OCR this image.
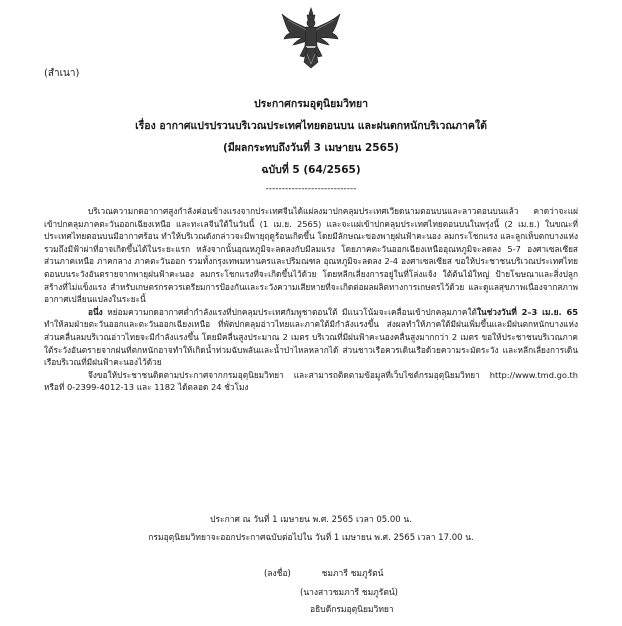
(สำเนา)
ประกาศกรมอุตุนิยมวิทยา
เรื่อง อากาศแปรปรวนบริเวณประเทศไทยตอนบน และฝนตกหนักบริเวณภาคใต้
(มีผลกระทบถึงวันที่ 3 เมษายน 2565)
ฉบับที่ 5 (64/2565)
----------------------------

บริเวณความกดอากาศสูงกำลังค่อนข้างแรงจากประเทศจีนได้แผ่ลงมาปกคลุมประเทศเวียดนามตอนบนและลาวตอนบนแล้ว คาดว่าจะแผ่เข้าปกคลุมภาคตะวันออกเฉียงเหนือ และทะเลจีนใต้ในวันนี้ (1 เม.ย. 2565) และจะแผ่เข้าปกคลุมประเทศไทยตอนบนในพรุ่งนี้ (2 เม.ย.) ในขณะที่ประเทศไทยตอนบนมีอากาศร้อน ทำให้บริเวณดังกล่าวจะมีพายุฤดูร้อนเกิดขึ้น โดยมีลักษณะของพายุฝนฟ้าคะนอง ลมกระโชกแรง และลูกเห็บตกบางแห่งรวมถึงมีฟ้าผ่าที่อาจเกิดขึ้นได้ในระยะแรก หลังจากนั้นอุณหภูมิจะลดลงกับมีลมแรง โดยภาคตะวันออกเฉียงเหนืออุณหภูมิจะลดลง 5-7 องศาเซลเซียส ส่วนภาคเหนือ ภาคกลาง ภาคตะวันออก รวมทั้งกรุงเทพมหานครและปริมณฑล อุณหภูมิจะลดลง 2-4 องศาเซลเซียส ขอให้ประชาชนบริเวณประเทศไทยตอนบนระวังอันตรายจากพายุฝนฟ้าคะนอง ลมกระโชกแรงที่จะเกิดขึ้นไว้ด้วย โดยหลีกเลี่ยงการอยู่ในที่โล่งแจ้ง ใต้ต้นไม้ใหญ่ ป้ายโฆษณาและสิ่งปลูกสร้างที่ไม่แข็งแรง สำหรับเกษตรกรควรเตรียมการป้องกันและระวังความเสียหายที่จะเกิดต่อผลผลิตทางการเกษตรไว้ด้วย และดูแลสุขภาพเนื่องจากสภาพอากาศเปลี่ยนแปลงในระยะนี้

อนึ่ง หย่อมความกดอากาศต่ำกำลังแรงที่ปกคลุมประเทศกัมพูชาตอนใต้ มีแนวโน้มจะเคลื่อนเข้าปกคลุมภาคใต้ในช่วงวันที่ 2–3 เม.ย. 65 ทำให้ลมฝ่ายตะวันออกและตะวันออกเฉียงเหนือ ที่พัดปกคลุมอ่าวไทยและภาคใต้มีกำลังแรงขึ้น ส่งผลทำให้ภาคใต้มีฝนเพิ่มขึ้นและมีฝนตกหนักบางแห่ง ส่วนคลื่นลมบริเวณอ่าวไทยจะมีกำลังแรงขึ้น โดยมีคลื่นสูงประมาณ 2 เมตร บริเวณที่มีฝนฟ้าคะนองคลื่นสูงมากกว่า 2 เมตร ขอให้ประชาชนบริเวณภาคใต้ระวังอันตรายจากฝนที่ตกหนักอาจทำให้เกิดน้ำท่วมฉับพลันและน้ำป่าไหลหลากได้ ส่วนชาวเรือควรเดินเรือด้วยความระมัดระวัง และหลีกเลี่ยงการเดินเรือบริเวณที่มีฝนฟ้าคะนองไว้ด้วย

จึงขอให้ประชาชนติดตามประกาศจากกรมอุตุนิยมวิทยา และสามารถติดตามข้อมูลที่เว็บไซต์กรมอุตุนิยมวิทยา http://www.tmd.go.th หรือที่ 0-2399-4012-13 และ 1182 ได้ตลอด 24 ชั่วโมง

ประกาศ ณ วันที่ 1 เมษายน พ.ศ. 2565 เวลา 05.00 น.
กรมอุตุนิยมวิทยาจะออกประกาศฉบับต่อไปใน วันที่ 1 เมษายน พ.ศ. 2565 เวลา 17.00 น.
(ลงชื่อ)	ชมภารี ชมภูรัตน์
(นางสาวชมภารี ชมภูรัตน์)
อธิบดีกรมอุตุนิยมวิทยา
